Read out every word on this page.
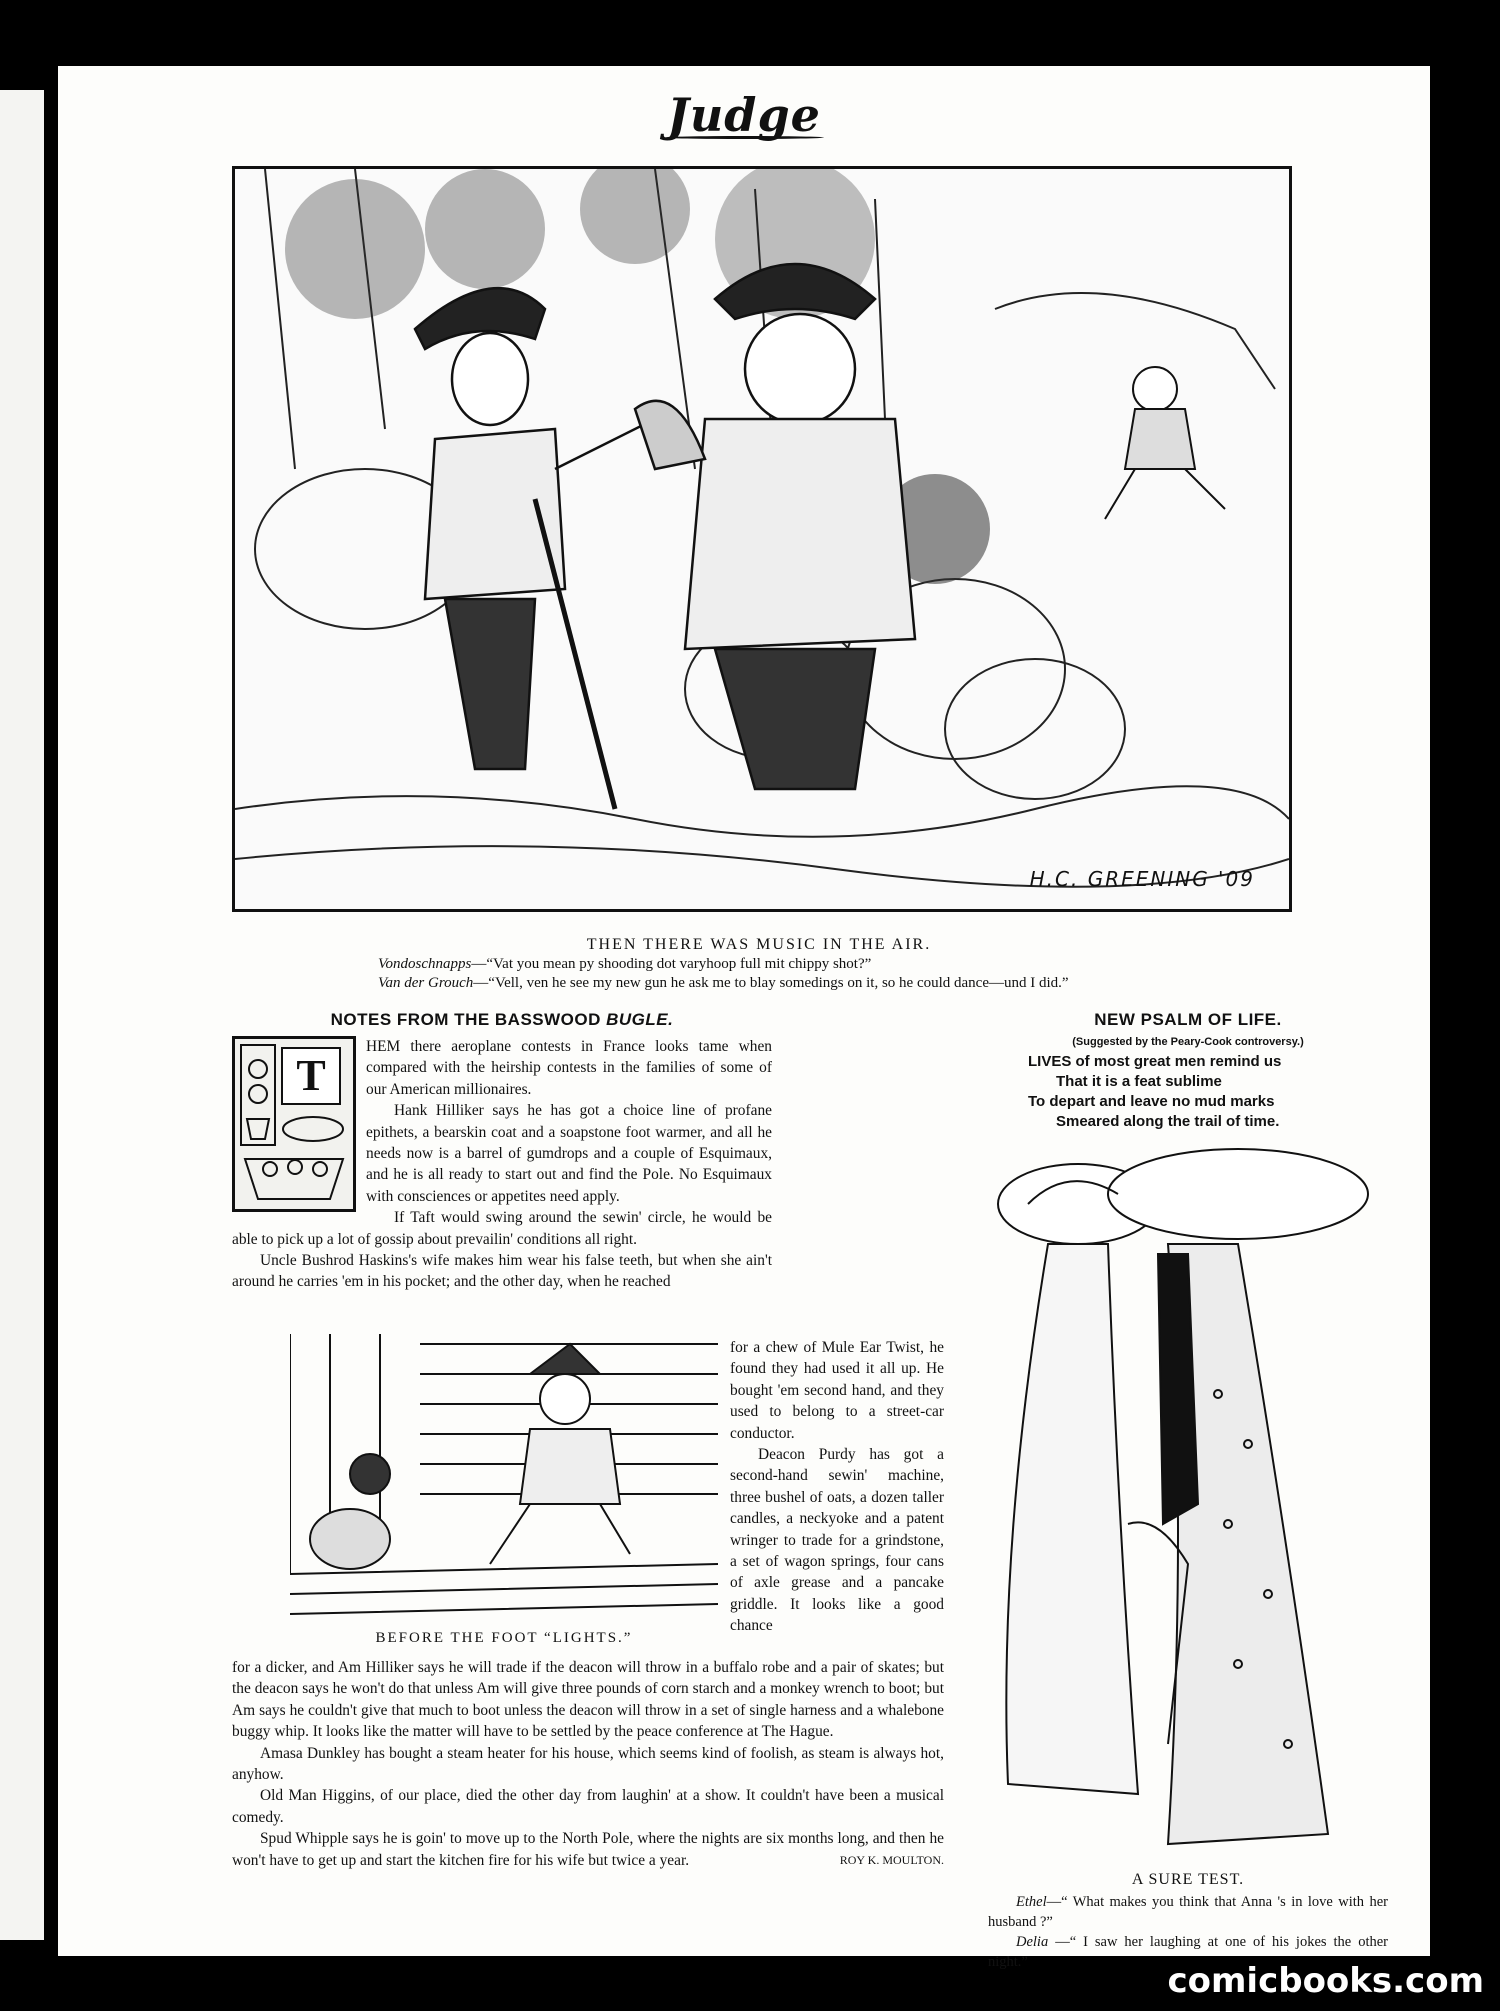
Judge
H.C. GREENING '09
THEN THERE WAS MUSIC IN THE AIR.
Vondoschnapps—“Vat you mean py shooding dot varyhoop full mit chippy shot?”
Van der Grouch—“Vell, ven he see my new gun he ask me to blay somedings on it, so he could dance—und I did.”
NOTES FROM THE BASSWOOD BUGLE.
T

HEM there aeroplane contests in France looks tame when compared with the heirship contests in the families of some of our American millionaires.

Hank Hilliker says he has got a choice line of profane epithets, a bearskin coat and a soapstone foot warmer, and all he needs now is a barrel of gumdrops and a couple of Esquimaux, and he is all ready to start out and find the Pole. No Esquimaux with consciences or appetites need apply.

If Taft would swing around the sewin' circle, he would be able to pick up a lot of gossip about prevailin' conditions all right.

Uncle Bushrod Haskins's wife makes him wear his false teeth, but when she ain't around he carries 'em in his pocket; and the other day, when he reached

BEFORE THE FOOT “LIGHTS.”

for a chew of Mule Ear Twist, he found they had used it all up. He bought 'em second hand, and they used to belong to a street-car conductor.

Deacon Purdy has got a second-hand sewin' machine, three bushel of oats, a dozen taller candles, a neckyoke and a patent wringer to trade for a grindstone, a set of wagon springs, four cans of axle grease and a pancake griddle. It looks like a good chance

for a dicker, and Am Hilliker says he will trade if the deacon will throw in a buffalo robe and a pair of skates; but the deacon says he won't do that unless Am will give three pounds of corn starch and a monkey wrench to boot; but Am says he couldn't give that much to boot unless the deacon will throw in a set of single harness and a whalebone buggy whip. It looks like the matter will have to be settled by the peace conference at The Hague.

Amasa Dunkley has bought a steam heater for his house, which seems kind of foolish, as steam is always hot, anyhow.

Old Man Higgins, of our place, died the other day from laughin' at a show. It couldn't have been a musical comedy.

Spud Whipple says he is goin' to move up to the North Pole, where the nights are six months long, and then he won't have to get up and start the kitchen fire for his wife but twice a year.	ROY K. MOULTON.

NEW PSALM OF LIFE.
(Suggested by the Peary-Cook controversy.)
LIVES of most great men remind us
That it is a feat sublime
To depart and leave no mud marks
Smeared along the trail of time.
A SURE TEST.

Ethel—“ What makes you think that Anna 's in love with her husband ?”

Delia —“ I saw her laughing at one of his jokes the other night.”	comicbooks.com
